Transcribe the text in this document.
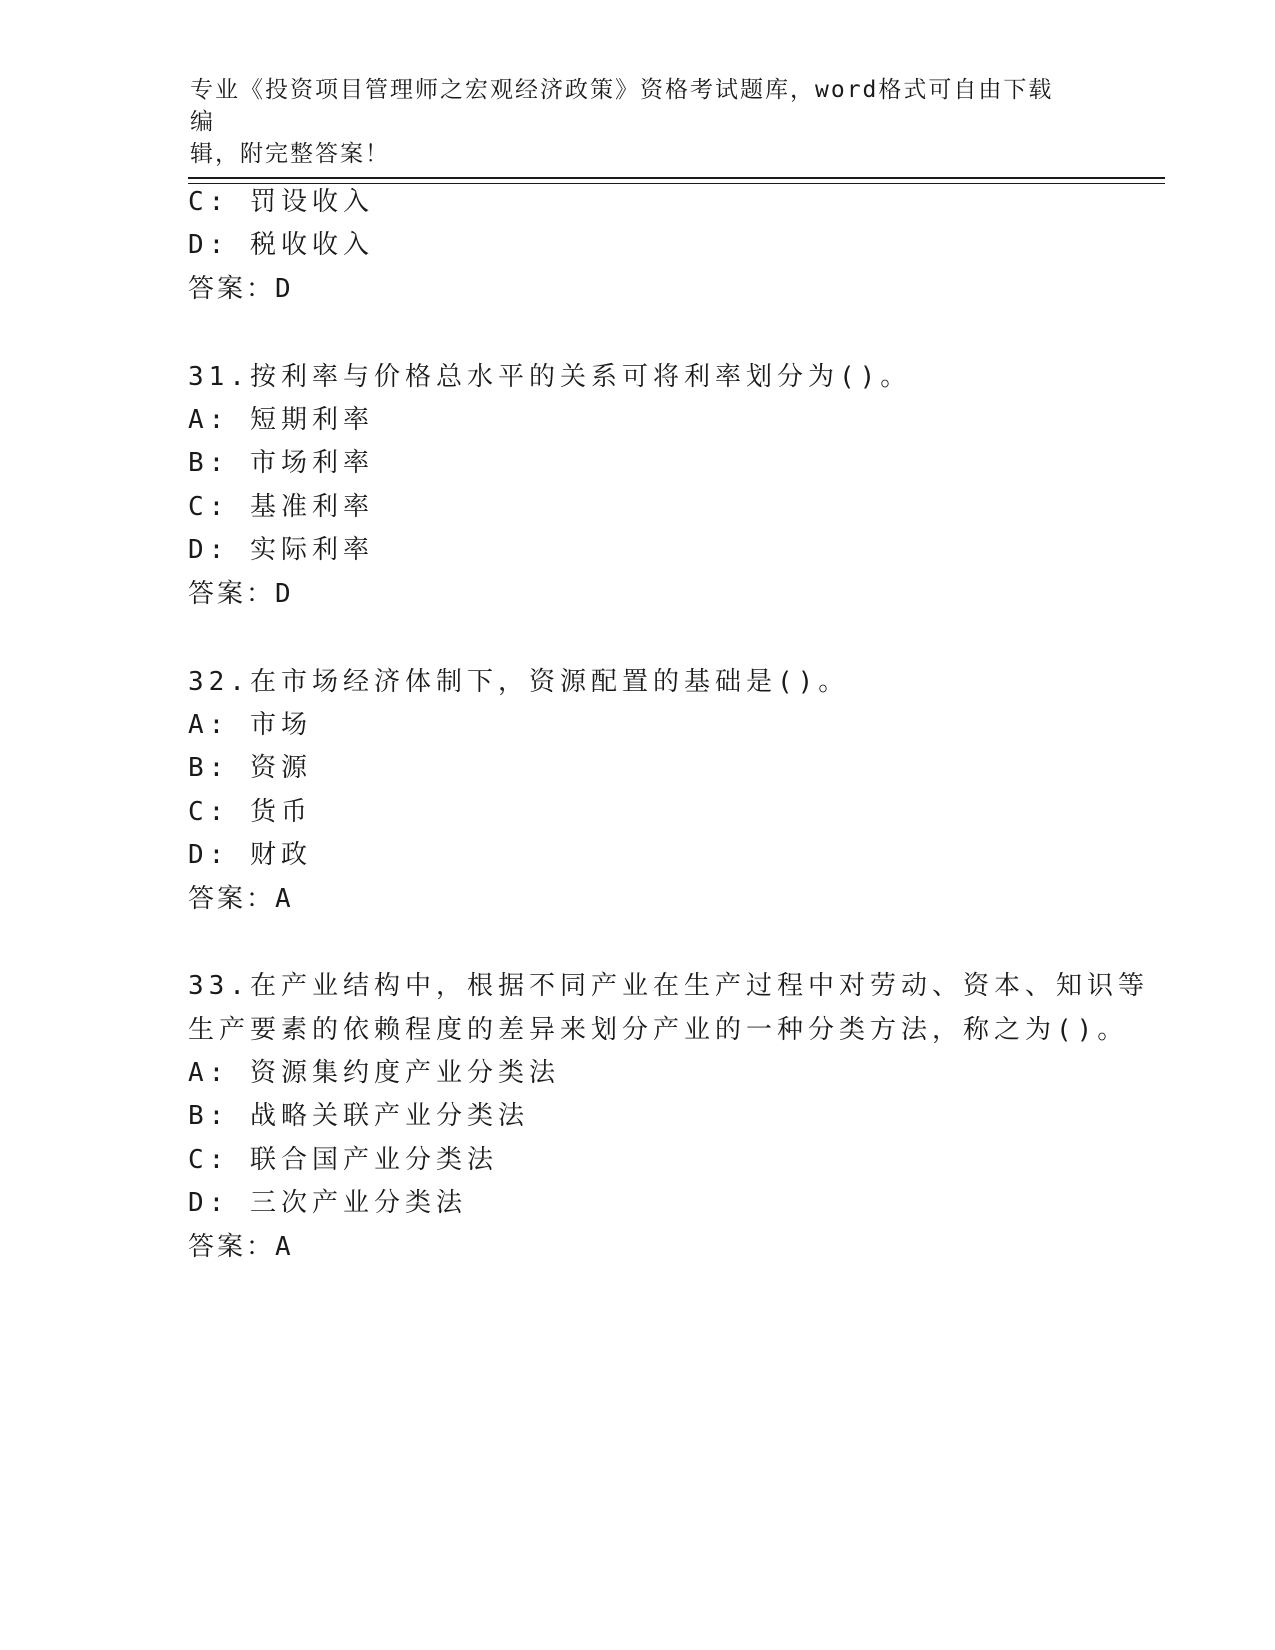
专业《投资项目管理师之宏观经济政策》资格考试题库，word格式可自由下载编
辑，附完整答案！
C: 罚设收入
D: 税收收入
答案：D
31.按利率与价格总水平的关系可将利率划分为()。
A: 短期利率
B: 市场利率
C: 基准利率
D: 实际利率
答案：D
32.在市场经济体制下，资源配置的基础是()。
A: 市场
B: 资源
C: 货币
D: 财政
答案：A
33.在产业结构中，根据不同产业在生产过程中对劳动、资本、知识等
生产要素的依赖程度的差异来划分产业的一种分类方法，称之为()。
A: 资源集约度产业分类法
B: 战略关联产业分类法
C: 联合国产业分类法
D: 三次产业分类法
答案：A
